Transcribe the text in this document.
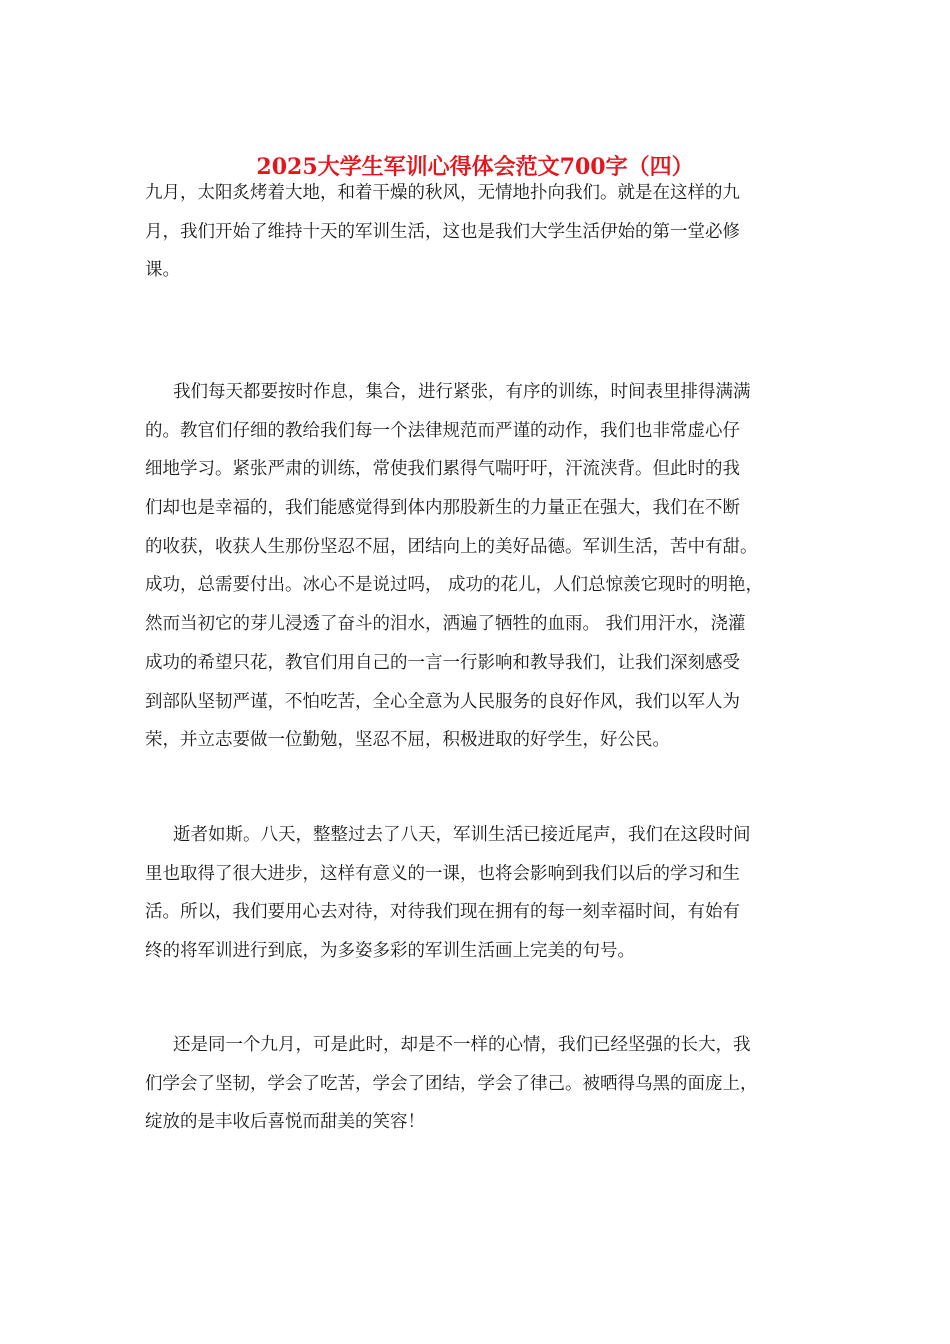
2025大学生军训心得体会范文700字（四）
九月，太阳炙烤着大地，和着干燥的秋风，无情地扑向我们。就是在这样的九
月，我们开始了维持十天的军训生活，这也是我们大学生活伊始的第一堂必修
课。
我们每天都要按时作息，集合，进行紧张，有序的训练，时间表里排得满满
的。教官们仔细的教给我们每一个法律规范而严谨的动作，我们也非常虚心仔
细地学习。紧张严肃的训练，常使我们累得气喘吁吁，汗流浃背。但此时的我
们却也是幸福的，我们能感觉得到体内那股新生的力量正在强大，我们在不断
的收获，收获人生那份坚忍不屈，团结向上的美好品德。军训生活，苦中有甜。
成功，总需要付出。冰心不是说过吗， 成功的花儿，人们总惊羡它现时的明艳，
然而当初它的芽儿浸透了奋斗的泪水，洒遍了牺牲的血雨。 我们用汗水，浇灌
成功的希望只花，教官们用自己的一言一行影响和教导我们，让我们深刻感受
到部队坚韧严谨，不怕吃苦，全心全意为人民服务的良好作风，我们以军人为
荣，并立志要做一位勤勉，坚忍不屈，积极进取的好学生，好公民。
逝者如斯。八天，整整过去了八天，军训生活已接近尾声，我们在这段时间
里也取得了很大进步，这样有意义的一课，也将会影响到我们以后的学习和生
活。所以，我们要用心去对待，对待我们现在拥有的每一刻幸福时间，有始有
终的将军训进行到底，为多姿多彩的军训生活画上完美的句号。
还是同一个九月，可是此时，却是不一样的心情，我们已经坚强的长大，我
们学会了坚韧，学会了吃苦，学会了团结，学会了律己。被晒得乌黑的面庞上，
绽放的是丰收后喜悦而甜美的笑容！
